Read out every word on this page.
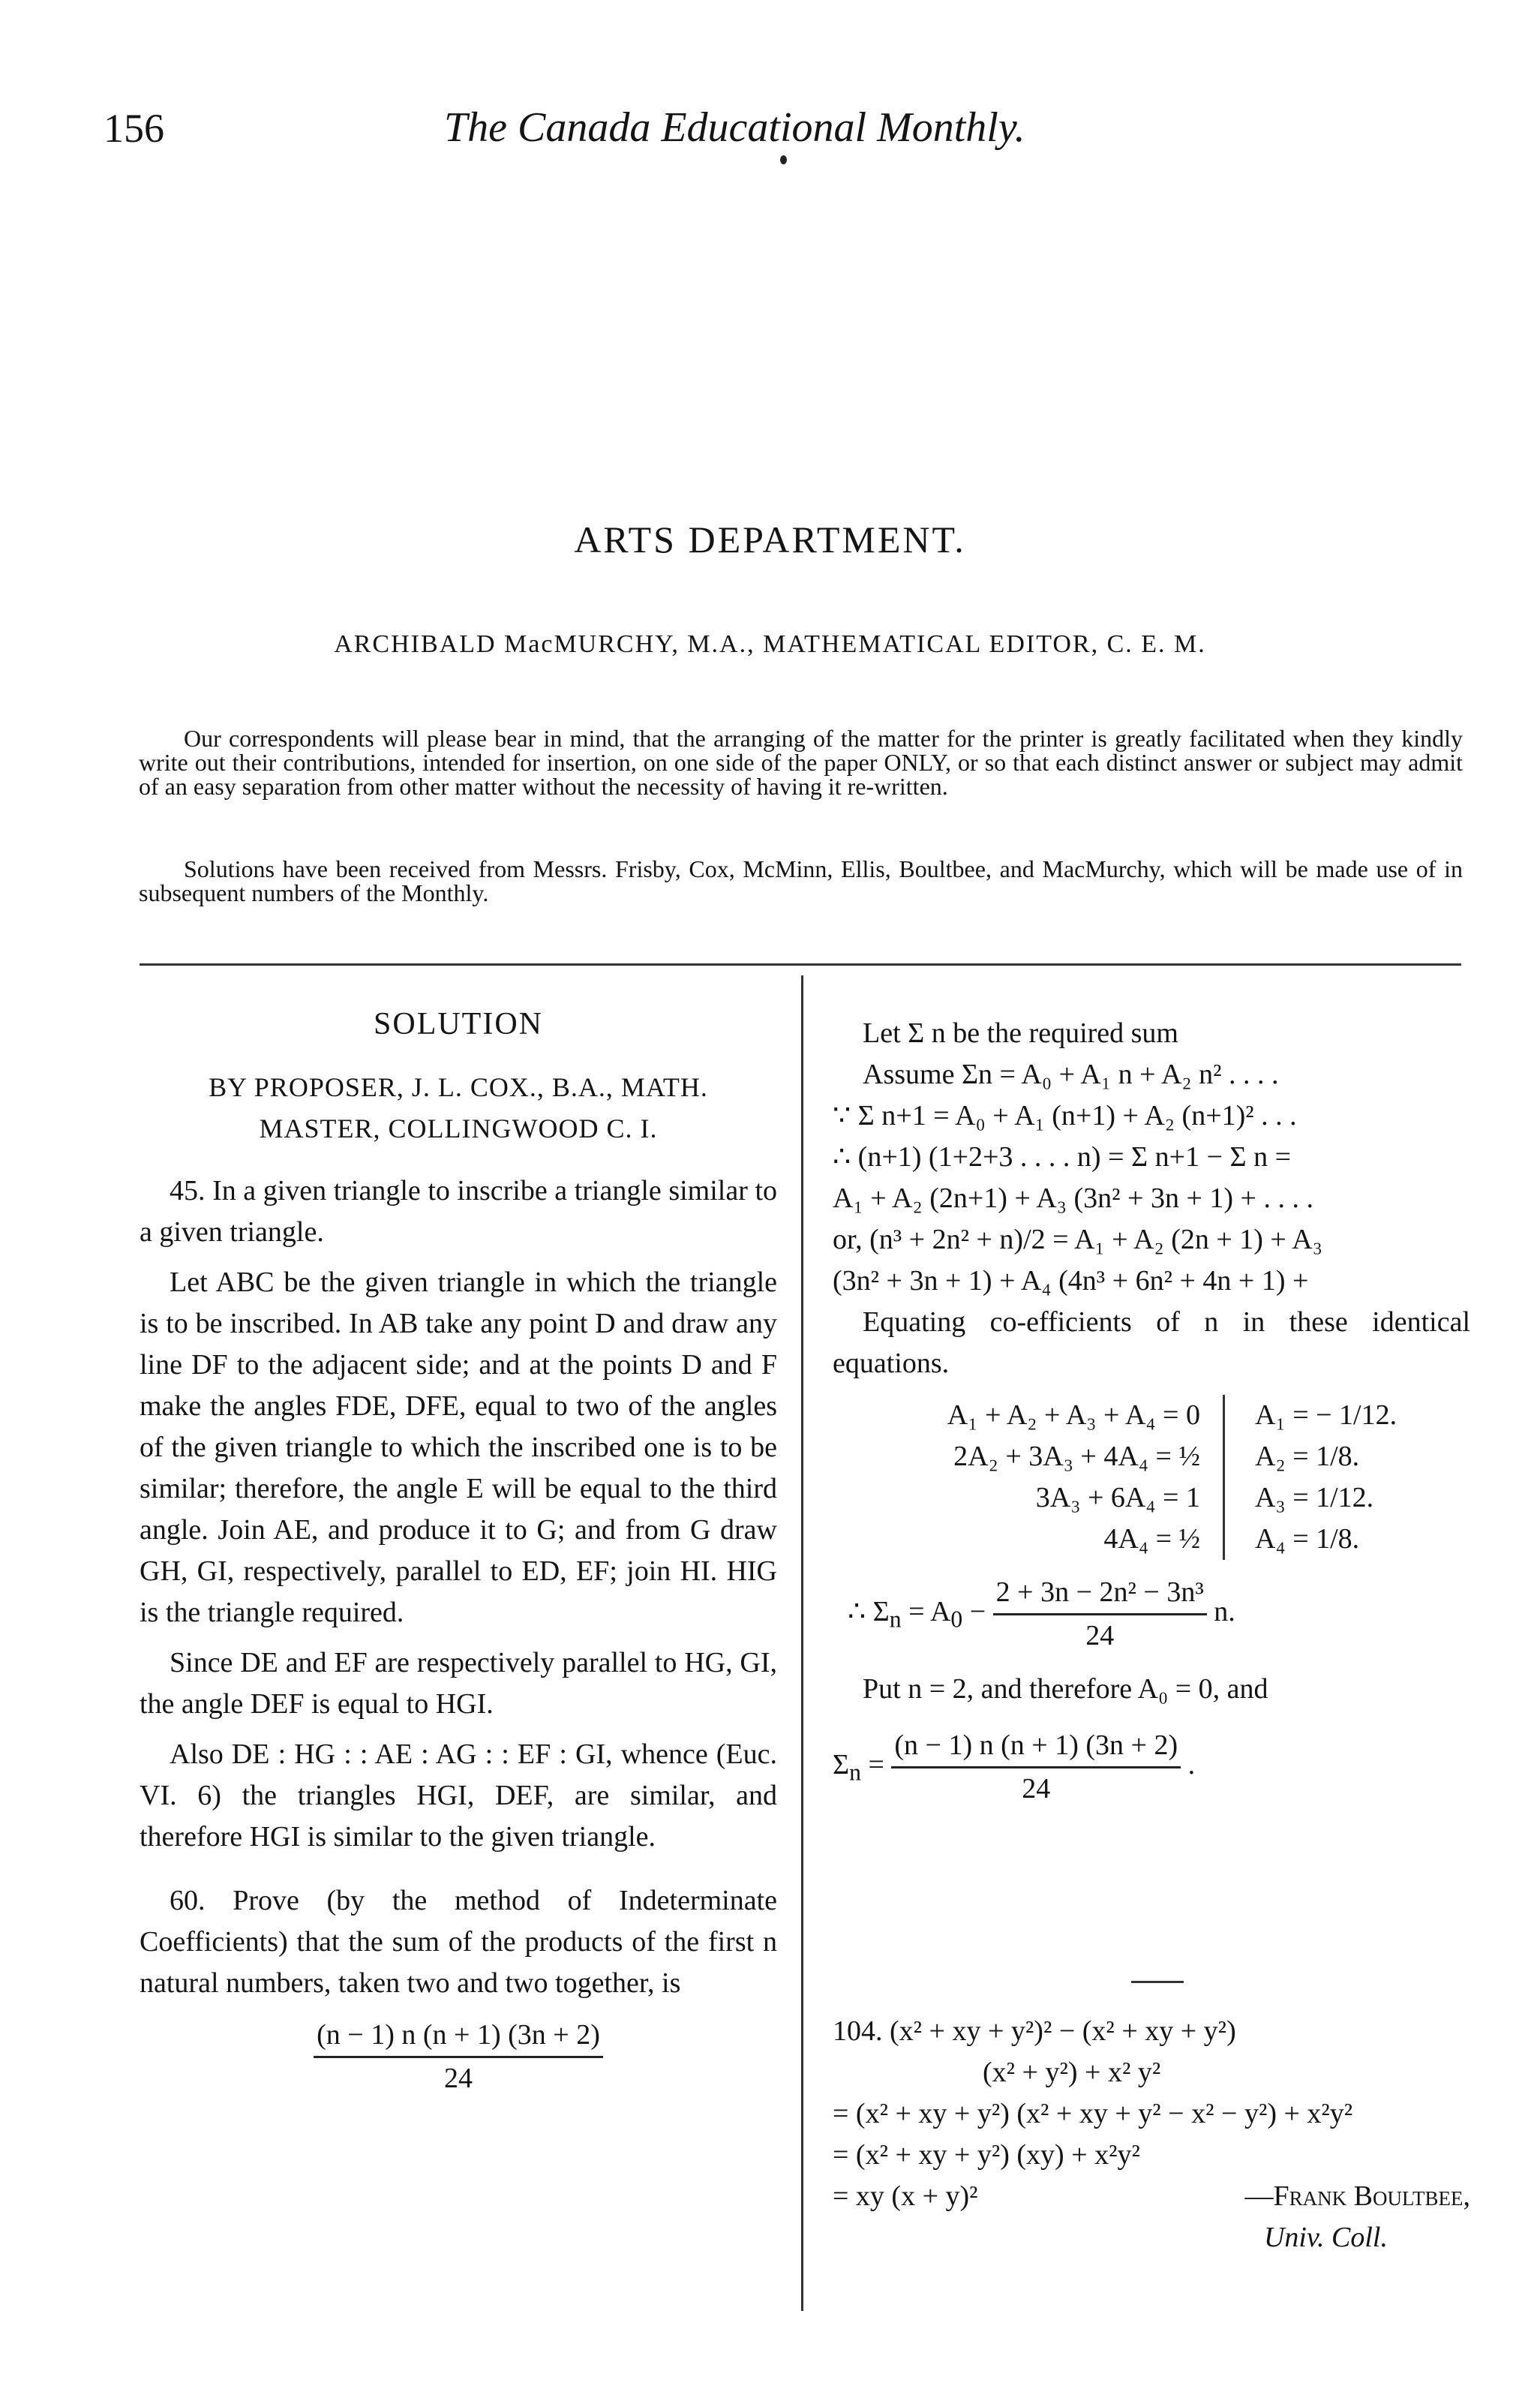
156	The Canada Educational Monthly.
ARTS DEPARTMENT.
ARCHIBALD MacMURCHY, M.A., MATHEMATICAL EDITOR, C. E. M.

Our correspondents will please bear in mind, that the arranging of the matter for the printer is greatly facilitated when they kindly write out their contributions, intended for insertion, on one side of the paper ONLY, or so that each distinct answer or subject may admit of an easy separation from other matter without the necessity of having it re-written.

Solutions have been received from Messrs. Frisby, Cox, McMinn, Ellis, Boultbee, and MacMurchy, which will be made use of in subsequent numbers of the Monthly.

SOLUTION
BY PROPOSER, J. L. COX., B.A., MATH.
MASTER, COLLINGWOOD C. I.

45. In a given triangle to inscribe a triangle similar to a given triangle.

Let ABC be the given triangle in which the triangle is to be inscribed. In AB take any point D and draw any line DF to the adjacent side; and at the points D and F make the angles FDE, DFE, equal to two of the angles of the given triangle to which the inscribed one is to be similar; therefore, the angle E will be equal to the third angle. Join AE, and produce it to G; and from G draw GH, GI, respectively, parallel to ED, EF; join HI. HIG is the triangle required.

Since DE and EF are respectively parallel to HG, GI, the angle DEF is equal to HGI.

Also DE : HG : : AE : AG : : EF : GI, whence (Euc. VI. 6) the triangles HGI, DEF, are similar, and therefore HGI is similar to the given triangle.

60. Prove (by the method of Indeterminate Coefficients) that the sum of the products of the first n natural numbers, taken two and two together, is

$\frac{(n - 1) n (n + 1) (3n + 2)}{24}$
Let Σ n be the required sum
Assume Σn = A₀ + A₁ n + A₂ n² . . . .
∵ Σ n+1 = A₀ + A₁ (n+1) + A₂ (n+1)² . . .
∴ (n+1) (1+2+3 . . . . n) = Σ n+1 − Σ n =
A₁ + A₂ (2n+1) + A₃ (3n² + 3n + 1) + . . . .
or, (n³ + 2n² + n)/2 = A₁ + A₂ (2n + 1) + A₃
(3n² + 3n + 1) + A₄ (4n³ + 6n² + 4n + 1) +
Equating co-efficients of n in these identical equations.
A₁ + A₂ + A₃ + A₄ = 0
2A₂ + 3A₃ + 4A₄ = ½
3A₃ + 6A₄ = 1
4A₄ = ½
A₁ = − 1/12.
A₂ = 1/8.
A₃ = 1/12.
A₄ = 1/8.
∴ $\Sigma_n = A_0 - \frac{\text{2 + 3n − 2n² − 3n³}}{24} n$.
Put n = 2, and therefore A₀ = 0, and
$\Sigma_n = \frac{(n - 1) n (n + 1) (3n + 2)}{24}$ .
104. (x² + xy + y²)² − (x² + xy + y²)
(x² + y²) + x² y²
= (x² + xy + y²) (x² + xy + y² − x² − y²) + x²y²
= (x² + xy + y²) (xy) + x²y²
= xy (x + y)²	—Frank Boultbee,
Univ. Coll.
